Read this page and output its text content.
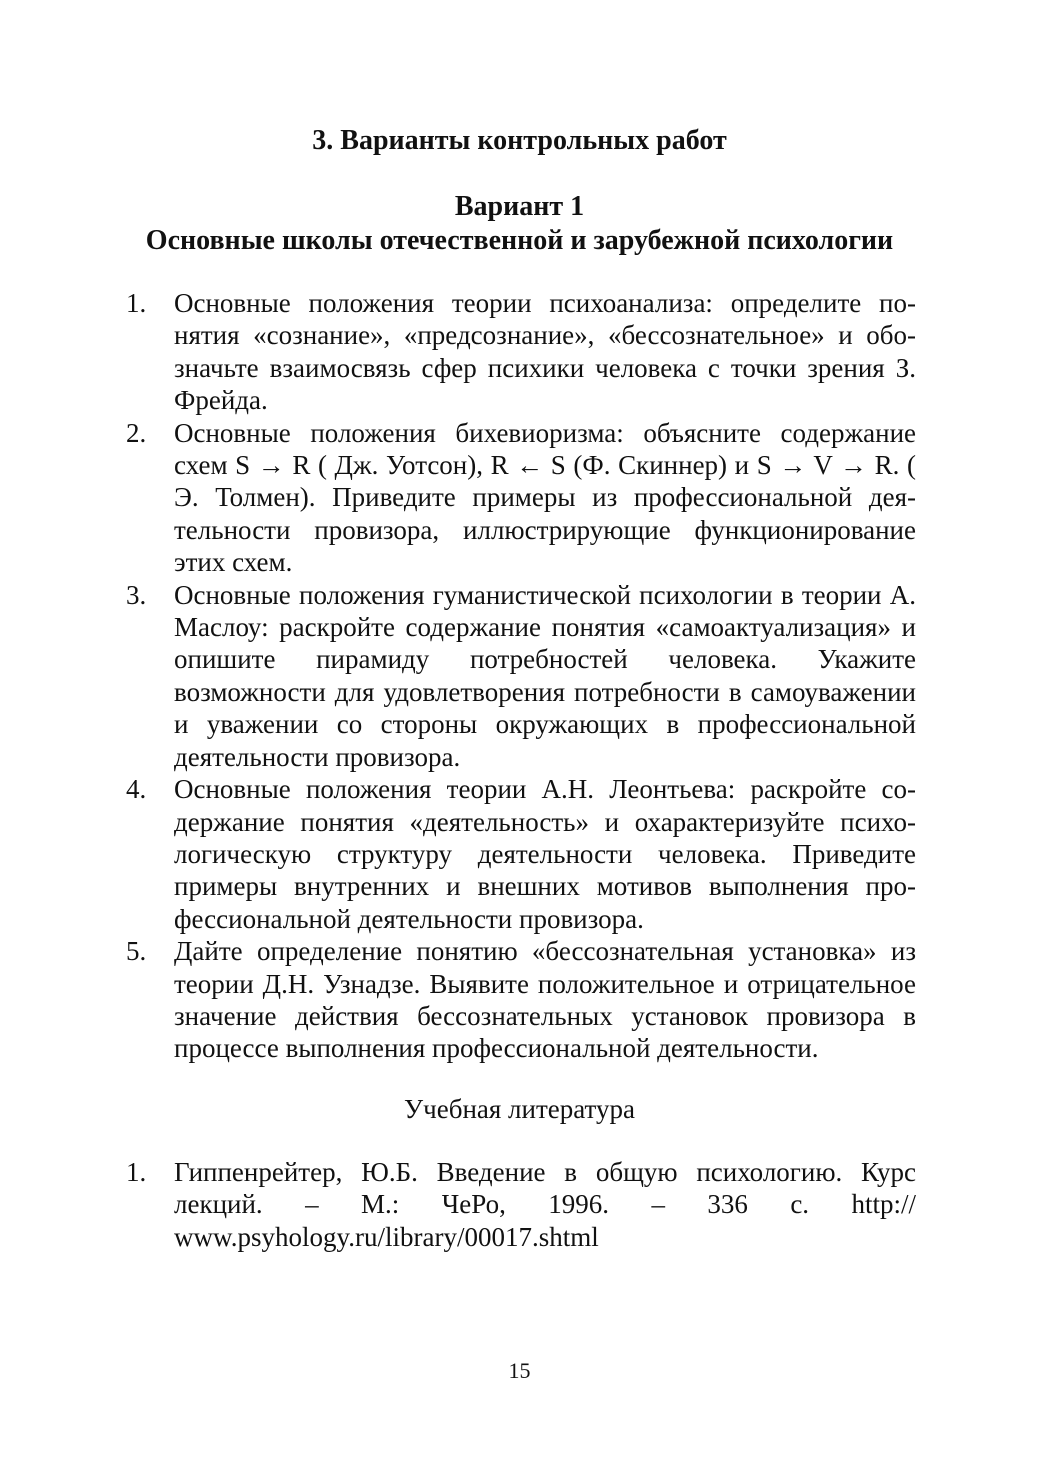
3. Варианты контрольных работ
Вариант 1
Основные школы отечественной и зарубежной психологии
1. Основные положения теории психоанализа: определите понятия «сознание», «предсознание», «бессознательное» и обозначьте взаимосвязь сфер психики человека с точки зрения З. Фрейда.
2. Основные положения бихевиоризма: объясните содержание схем S → R ( Дж. Уотсон), R ← S (Ф. Скиннер) и S → V → R. ( Э. Толмен). Приведите примеры из профессиональной деятельности провизора, иллюстрирующие функционирование этих схем.
3. Основные положения гуманистической психологии в теории А. Маслоу: раскройте содержание понятия «самоактуализация» и опишите пирамиду потребностей человека. Укажите возможности для удовлетворения потребности в самоуважении и уважении со стороны окружающих в профессиональной деятельности провизора.
4. Основные положения теории А.Н. Леонтьева: раскройте содержание понятия «деятельность» и охарактеризуйте психологическую структуру деятельности человека. Приведите примеры внутренних и внешних мотивов выполнения профессиональной деятельности провизора.
5. Дайте определение понятию «бессознательная установка» из теории Д.Н. Узнадзе. Выявите положительное и отрицательное значение действия бессознательных установок провизора в процессе выполнения профессиональной деятельности.
Учебная литература
1. Гиппенрейтер, Ю.Б. Введение в общую психологию. Курс лекций. – М.: ЧеРо, 1996. – 336 с. http:// www.psyhology.ru/library/00017.shtml
15
